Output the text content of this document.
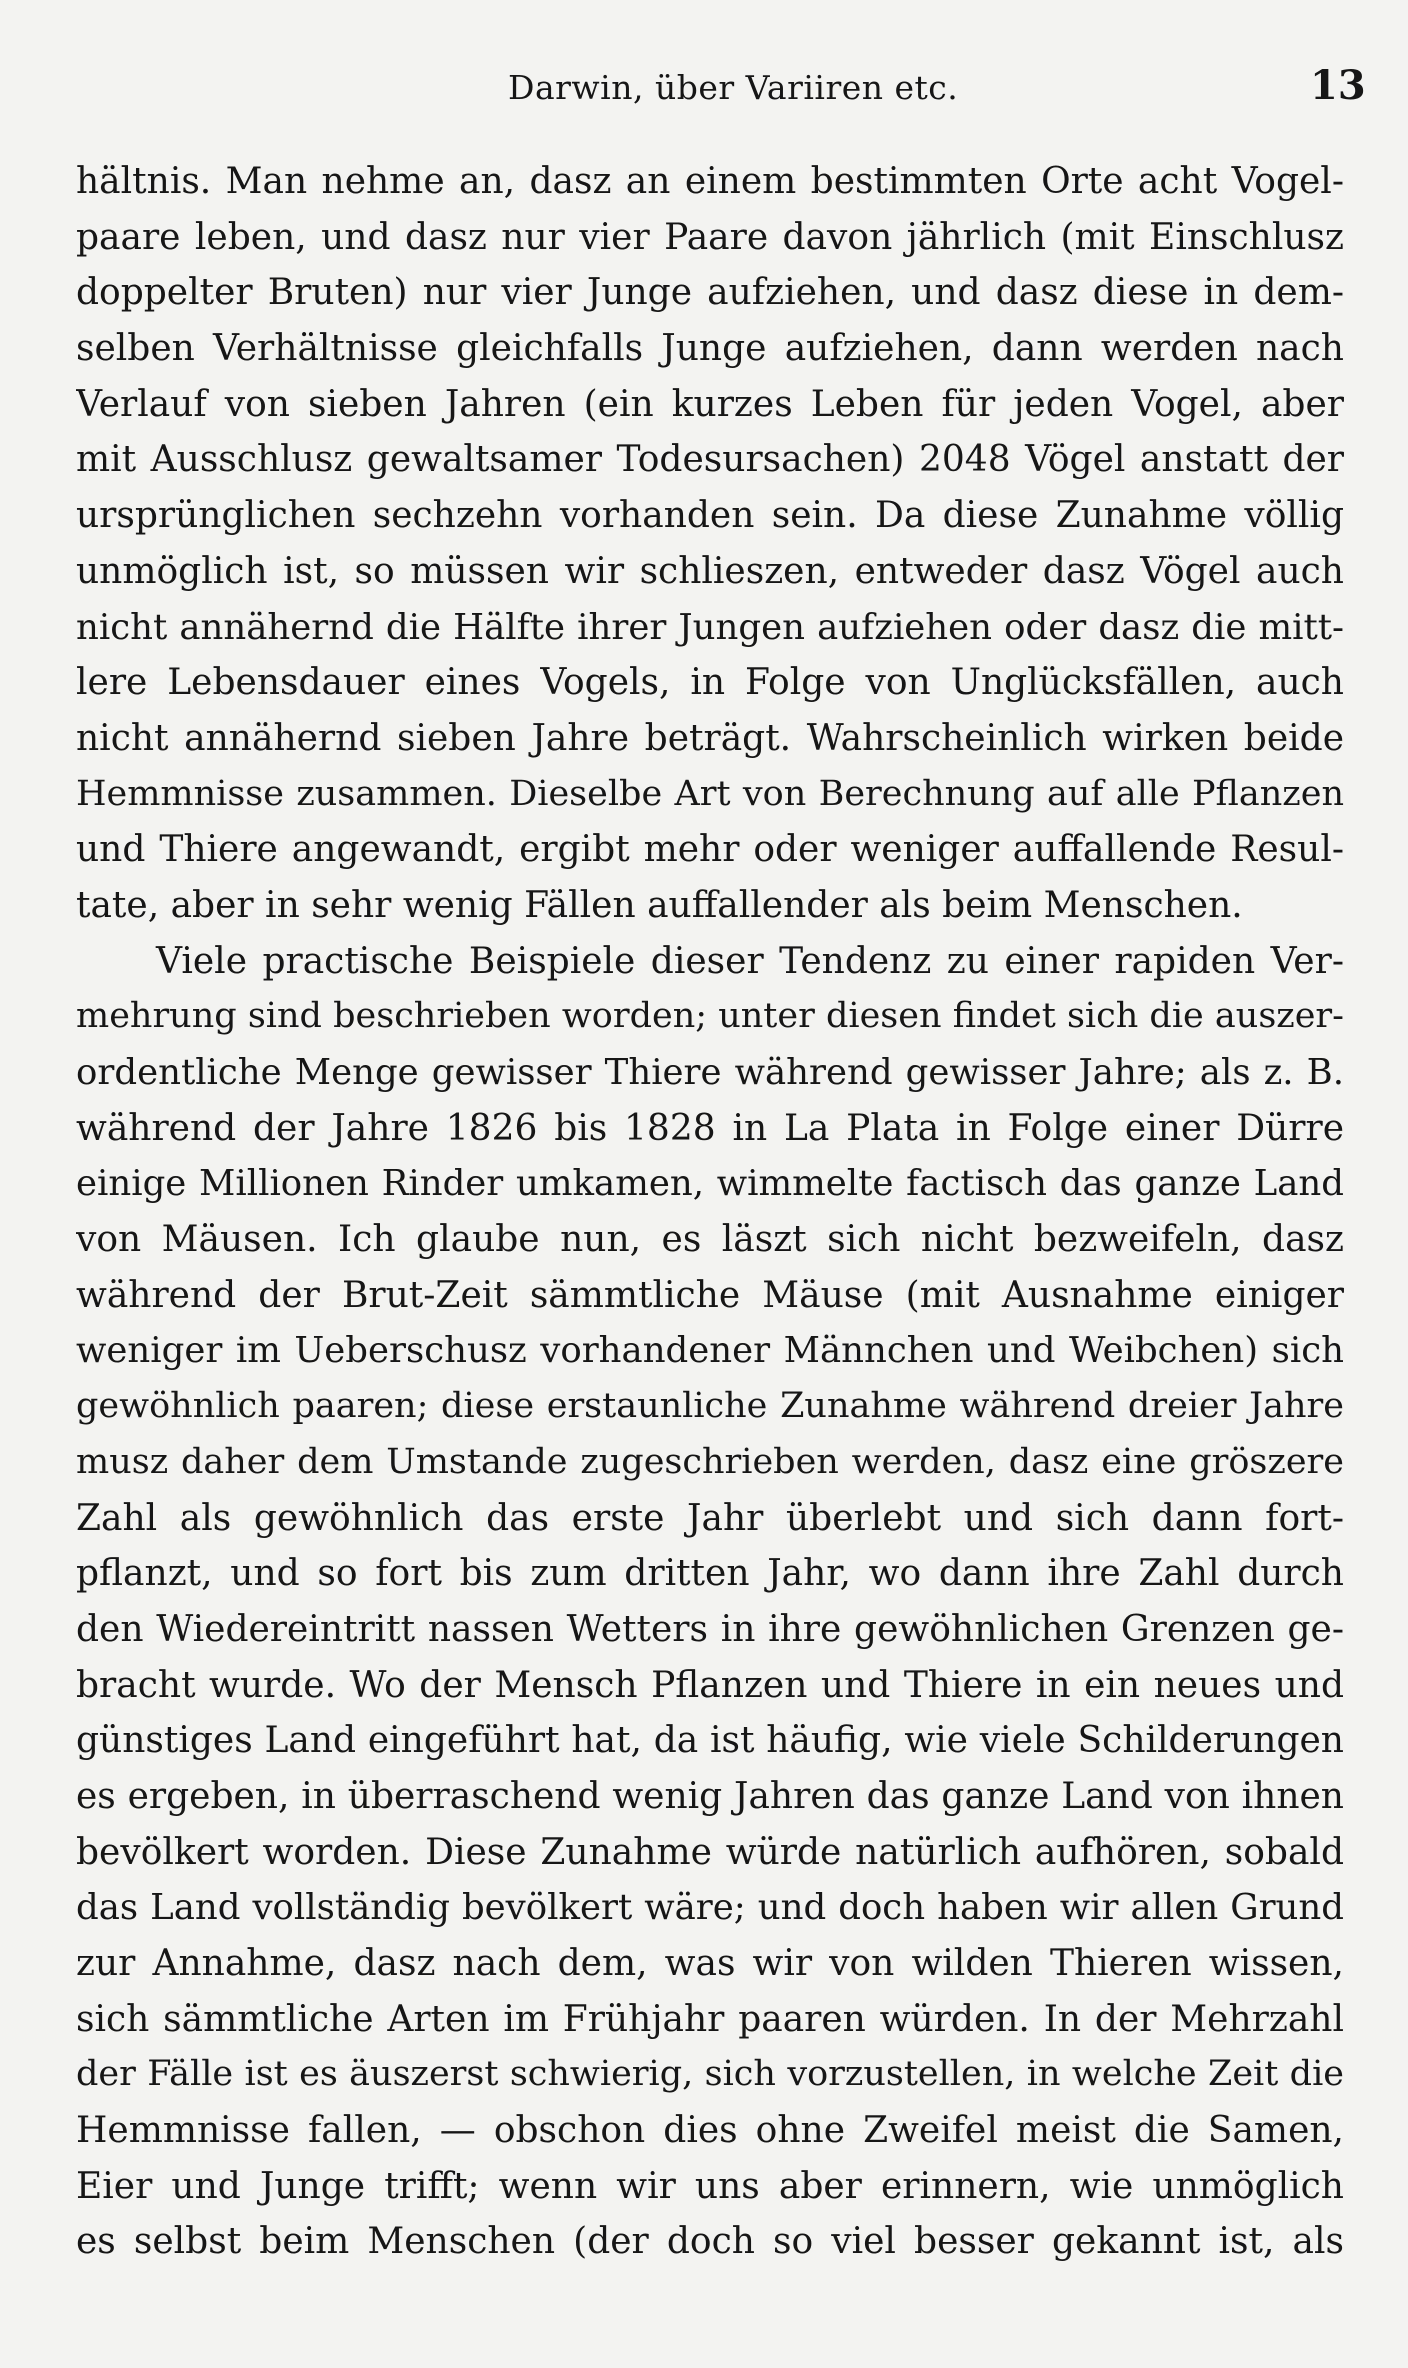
Darwin, über Variiren etc.	13
hältnis. Man nehme an, dasz an einem bestimmten Orte acht Vogel-
paare leben, und dasz nur vier Paare davon jährlich (mit Einschlusz
doppelter Bruten) nur vier Junge aufziehen, und dasz diese in dem-
selben Verhältnisse gleichfalls Junge aufziehen, dann werden nach
Verlauf von sieben Jahren (ein kurzes Leben für jeden Vogel, aber
mit Ausschlusz gewaltsamer Todesursachen) 2048 Vögel anstatt der
ursprünglichen sechzehn vorhanden sein. Da diese Zunahme völlig
unmöglich ist, so müssen wir schlieszen, entweder dasz Vögel auch
nicht annähernd die Hälfte ihrer Jungen aufziehen oder dasz die mitt-
lere Lebensdauer eines Vogels, in Folge von Unglücksfällen, auch
nicht annähernd sieben Jahre beträgt. Wahrscheinlich wirken beide
Hemmnisse zusammen. Dieselbe Art von Berechnung auf alle Pflanzen
und Thiere angewandt, ergibt mehr oder weniger auffallende Resul-
tate, aber in sehr wenig Fällen auffallender als beim Menschen.
Viele practische Beispiele dieser Tendenz zu einer rapiden Ver-
mehrung sind beschrieben worden; unter diesen findet sich die auszer-
ordentliche Menge gewisser Thiere während gewisser Jahre; als z. B.
während der Jahre 1826 bis 1828 in La Plata in Folge einer Dürre
einige Millionen Rinder umkamen, wimmelte factisch das ganze Land
von Mäusen. Ich glaube nun, es läszt sich nicht bezweifeln, dasz
während der Brut-Zeit sämmtliche Mäuse (mit Ausnahme einiger
weniger im Ueberschusz vorhandener Männchen und Weibchen) sich
gewöhnlich paaren; diese erstaunliche Zunahme während dreier Jahre
musz daher dem Umstande zugeschrieben werden, dasz eine gröszere
Zahl als gewöhnlich das erste Jahr überlebt und sich dann fort-
pflanzt, und so fort bis zum dritten Jahr, wo dann ihre Zahl durch
den Wiedereintritt nassen Wetters in ihre gewöhnlichen Grenzen ge-
bracht wurde. Wo der Mensch Pflanzen und Thiere in ein neues und
günstiges Land eingeführt hat, da ist häufig, wie viele Schilderungen
es ergeben, in überraschend wenig Jahren das ganze Land von ihnen
bevölkert worden. Diese Zunahme würde natürlich aufhören, sobald
das Land vollständig bevölkert wäre; und doch haben wir allen Grund
zur Annahme, dasz nach dem, was wir von wilden Thieren wissen,
sich sämmtliche Arten im Frühjahr paaren würden. In der Mehrzahl
der Fälle ist es äuszerst schwierig, sich vorzustellen, in welche Zeit die
Hemmnisse fallen, — obschon dies ohne Zweifel meist die Samen,
Eier und Junge trifft; wenn wir uns aber erinnern, wie unmöglich
es selbst beim Menschen (der doch so viel besser gekannt ist, als
